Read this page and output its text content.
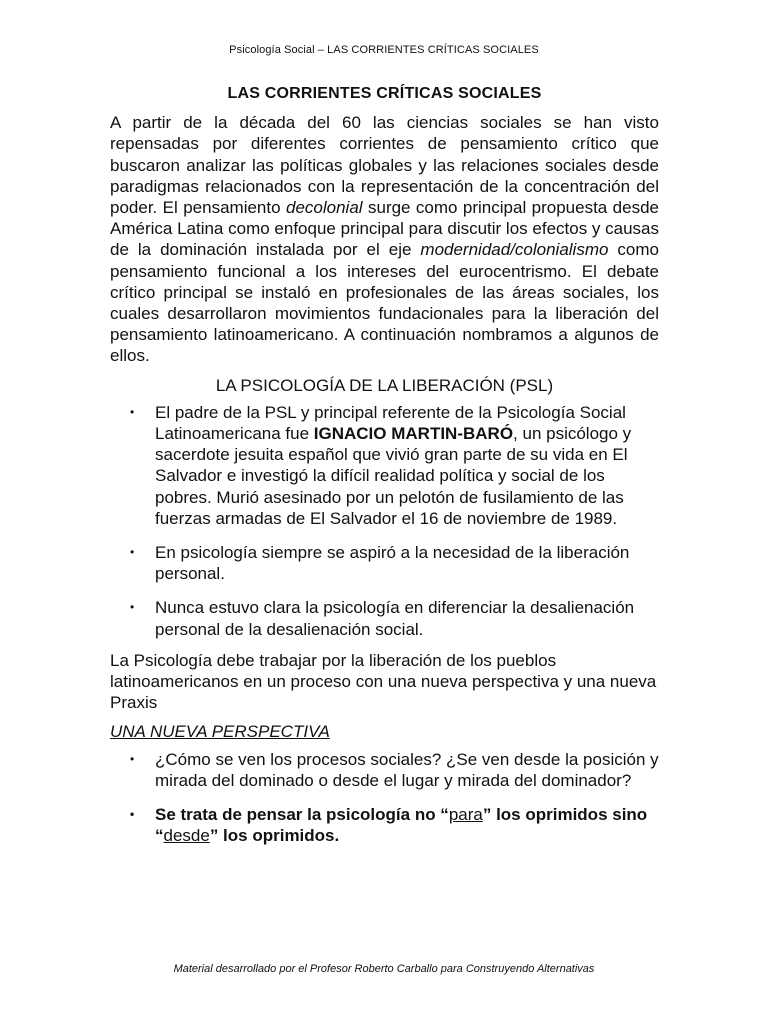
Psicología Social – LAS CORRIENTES CRÍTICAS SOCIALES
LAS CORRIENTES CRÍTICAS SOCIALES

A partir de la década del 60 las ciencias sociales se han visto repensadas por diferentes corrientes de pensamiento crítico que buscaron analizar las políticas globales y las relaciones sociales desde paradigmas relacionados con la representación de la concentración del poder. El pensamiento decolonial surge como principal propuesta desde América Latina como enfoque principal para discutir los efectos y causas de la dominación instalada por el eje modernidad/colonialismo como pensamiento funcional a los intereses del eurocentrismo. El debate crítico principal se instaló en profesionales de las áreas sociales, los cuales desarrollaron movimientos fundacionales para la liberación del pensamiento latinoamericano. A continuación nombramos a algunos de ellos.

LA PSICOLOGÍA DE LA LIBERACIÓN (PSL)
• El padre de la PSL y principal referente de la Psicología Social Latinoamericana fue IGNACIO MARTIN-BARÓ, un psicólogo y sacerdote jesuita español que vivió gran parte de su vida en El Salvador e investigó la difícil realidad política y social de los pobres. Murió asesinado por un pelotón de fusilamiento de las fuerzas armadas de El Salvador el 16 de noviembre de 1989.
• En psicología siempre se aspiró a la necesidad de la liberación personal.
• Nunca estuvo clara la psicología en diferenciar la desalienación personal de la desalienación social.

La Psicología debe trabajar por la liberación de los pueblos latinoamericanos en un proceso con una nueva perspectiva y una nueva Praxis

UNA NUEVA PERSPECTIVA
• ¿Cómo se ven los procesos sociales? ¿Se ven desde la posición y mirada del dominado o desde el lugar y mirada del dominador?
• Se trata de pensar la psicología no “para” los oprimidos sino “desde” los oprimidos.
Material desarrollado por el Profesor Roberto Carballo para Construyendo Alternativas
